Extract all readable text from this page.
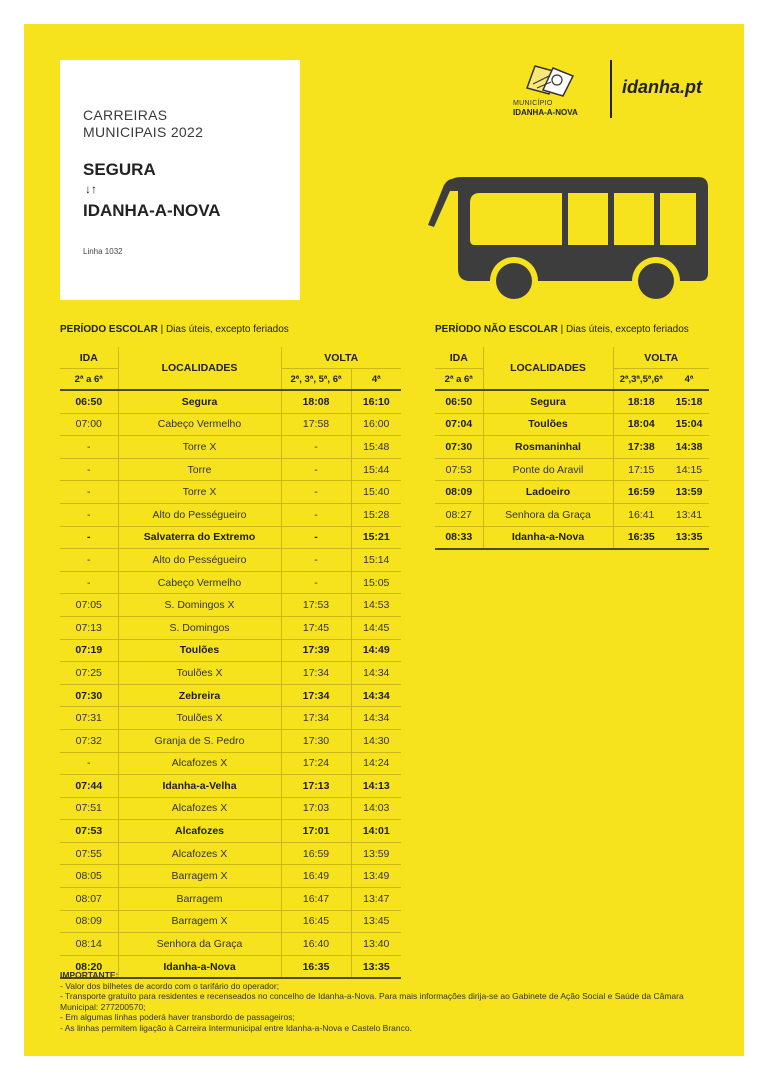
CARREIRAS
MUNICIPAIS 2022
SEGURA
↓↑
IDANHA-A-NOVA
Linha 1032
MUNICÍPIO
IDANHA-A-NOVA
idanha.pt
PERÍODO ESCOLAR | Dias úteis, excepto feriados	PERÍODO NÃO ESCOLAR | Dias úteis, excepto feriados
IDA	LOCALIDADES	VOLTA	
2ª a 6ª		2ª, 3ª, 5ª, 6ª	4ª
06:50	Segura	18:08	16:10
07:00	Cabeço Vermelho	17:58	16:00
-	Torre X	-	15:48
-	Torre	-	15:44
-	Torre X	-	15:40
-	Alto do Pességueiro	-	15:28
-	Salvaterra do Extremo	-	15:21
-	Alto do Pességueiro	-	15:14
-	Cabeço Vermelho	-	15:05
07:05	S. Domingos X	17:53	14:53
07:13	S. Domingos	17:45	14:45
07:19	Toulões	17:39	14:49
07:25	Toulões X	17:34	14:34
07:30	Zebreira	17:34	14:34
07:31	Toulões X	17:34	14:34
07:32	Granja de S. Pedro	17:30	14:30
-	Alcafozes X	17:24	14:24
07:44	Idanha-a-Velha	17:13	14:13
07:51	Alcafozes X	17:03	14:03
07:53	Alcafozes	17:01	14:01
07:55	Alcafozes X	16:59	13:59
08:05	Barragem X	16:49	13:49
08:07	Barragem	16:47	13:47
08:09	Barragem X	16:45	13:45
08:14	Senhora da Graça	16:40	13:40
08:20	Idanha-a-Nova	16:35	13:35
IDA	LOCALIDADES	VOLTA	
2ª a 6ª		2ª,3ª,5ª,6ª	4ª
06:50	Segura	18:18	15:18
07:04	Toulões	18:04	15:04
07:30	Rosmaninhal	17:38	14:38
07:53	Ponte do Aravil	17:15	14:15
08:09	Ladoeiro	16:59	13:59
08:27	Senhora da Graça	16:41	13:41
08:33	Idanha-a-Nova	16:35	13:35
IMPORTANTE:
- Valor dos bilhetes de acordo com o tarifário do operador;
- Transporte gratuito para residentes e recenseados no concelho de Idanha-a-Nova. Para mais informações dirija-se ao Gabinete de Ação Social e Saúde da Câmara Municipal: 277200570;
- Em algumas linhas poderá haver transbordo de passageiros;
- As linhas permitem ligação à Carreira Intermunicipal entre Idanha-a-Nova e Castelo Branco.
